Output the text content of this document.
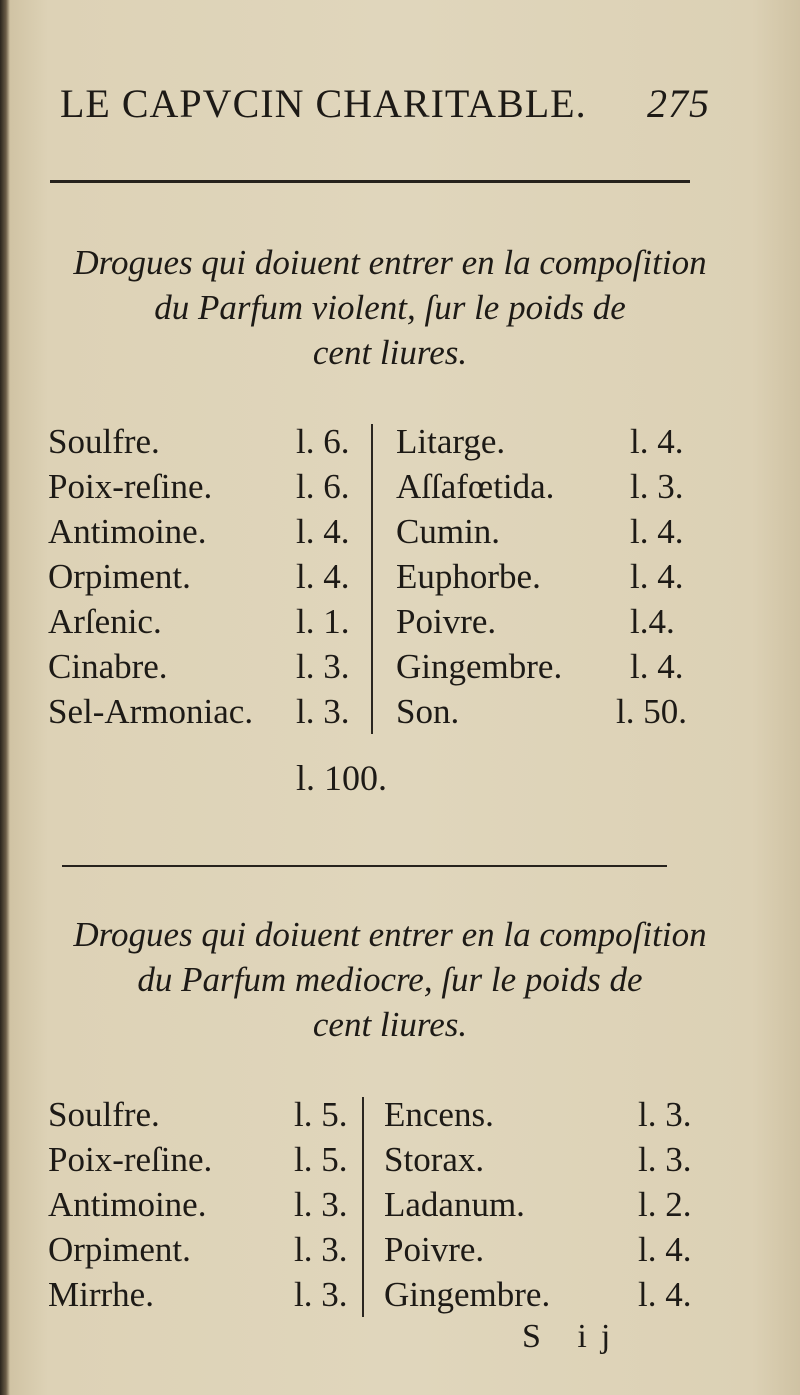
LE CAPVCIN CHARITABLE. 275
Drogues qui doiuent entrer en la compoſition
du Parfum violent, ſur le poids de
cent liures.
Soulfre.	l. 6. Litarge.	l. 4.
Poix-reſine. l. 6. Aſſafœtida. l. 3.
Antimoine.	l. 4. Cumin.	l. 4.
Orpiment.	l. 4. Euphorbe.	l. 4.
Arſenic.	l. 1. Poivre.	l.4.
Cinabre.	l. 3. Gingembre. l. 4.
Sel-Armoniac. l. 3. Son.	l. 50.
l. 100.
Drogues qui doiuent entrer en la compoſition
du Parfum mediocre, ſur le poids de
cent liures.
Soulfre.	l. 5. Encens.	l. 3.
Poix-reſine. l. 5. Storax.	l. 3.
Antimoine.	l. 3. Ladanum.	l. 2.
Orpiment.	l. 3. Poivre.	l. 4.
Mirrhe.	l. 3. Gingembre.	l. 4.
S ij
